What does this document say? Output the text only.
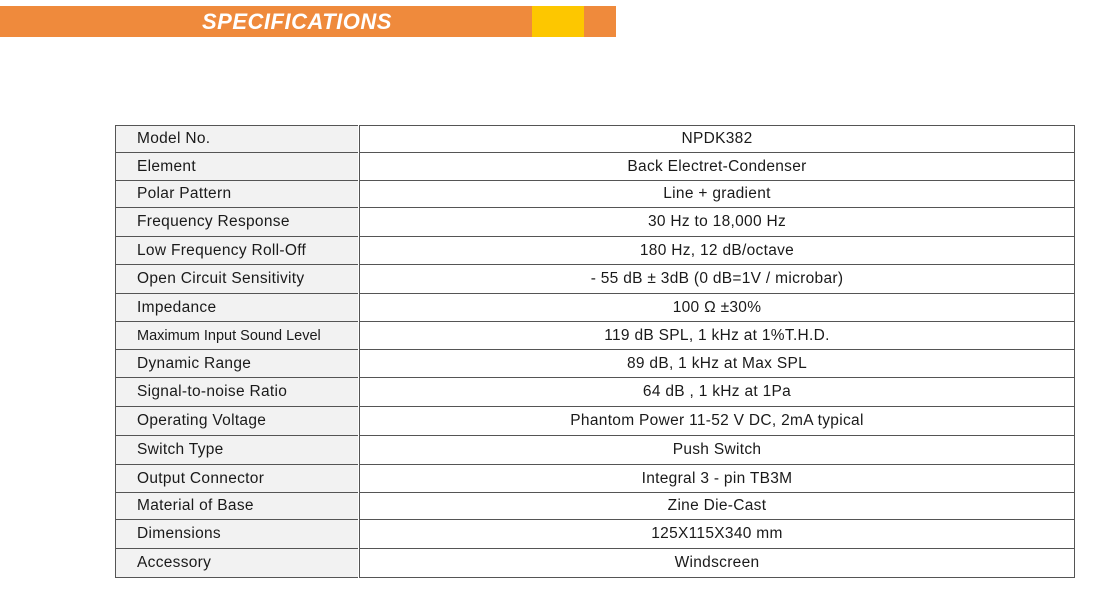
SPECIFICATIONS
Model No.	NPDK382
Element	Back Electret-Condenser
Polar Pattern	Line + gradient
Frequency Response	30 Hz to 18,000 Hz
Low Frequency Roll-Off	180 Hz, 12 dB/octave
Open Circuit Sensitivity	- 55 dB ± 3dB (0 dB=1V / microbar)
Impedance	100 Ω ±30%
Maximum Input Sound Level	119 dB SPL, 1 kHz at 1%T.H.D.
Dynamic Range	89 dB, 1 kHz at Max SPL
Signal-to-noise Ratio	64 dB , 1 kHz at 1Pa
Operating Voltage	Phantom Power 11-52 V DC, 2mA typical
Switch Type	Push Switch
Output Connector	Integral 3 - pin TB3M
Material of Base	Zine Die-Cast
Dimensions	125X115X340 mm
Accessory	Windscreen
